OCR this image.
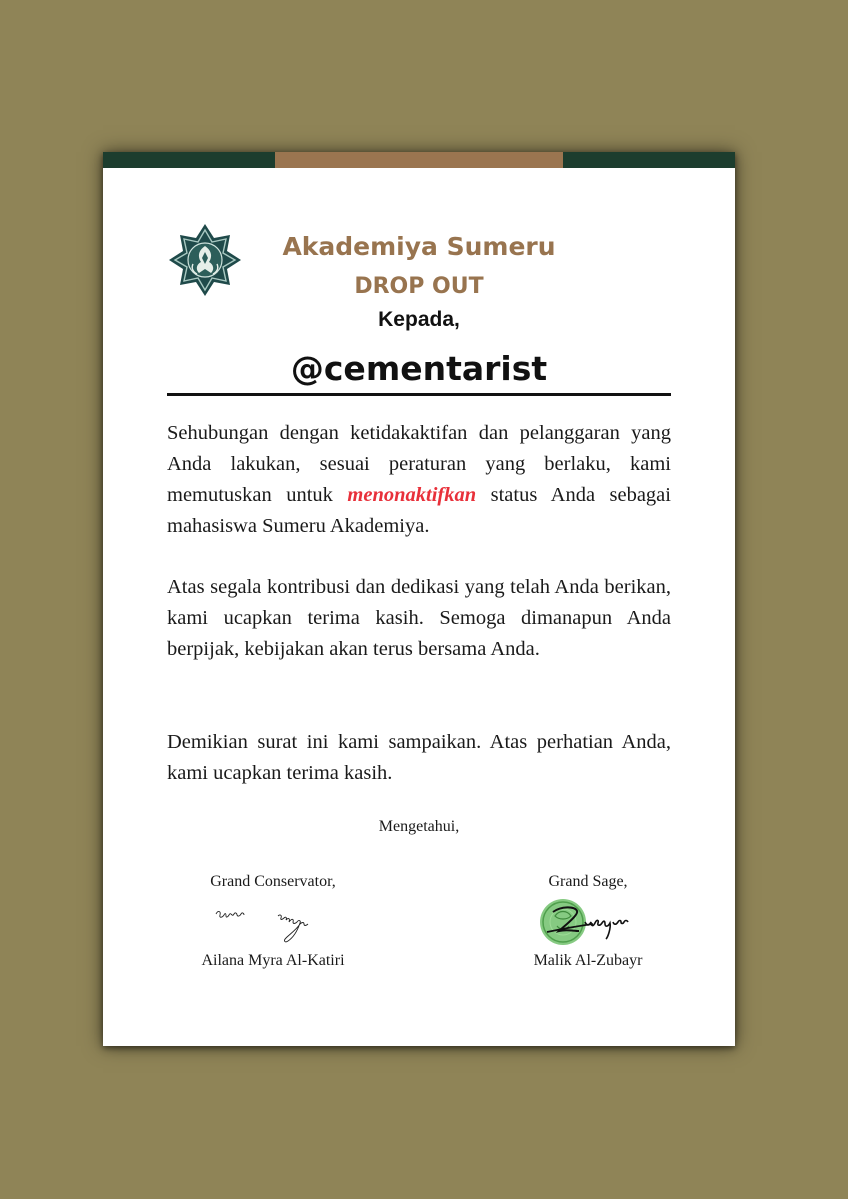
Akademiya Sumeru
DROP OUT
Kepada,
@cementarist
Sehubungan dengan ketidakaktifan dan pelanggaran yang Anda lakukan, sesuai peraturan yang berlaku, kami memutuskan untuk menonaktifkan status Anda sebagai mahasiswa Sumeru Akademiya.
Atas segala kontribusi dan dedikasi yang telah Anda berikan, kami ucapkan terima kasih. Semoga dimanapun Anda berpijak, kebijakan akan terus bersama Anda.
Demikian surat ini kami sampaikan. Atas perhatian Anda, kami ucapkan terima kasih.
Mengetahui,
Grand Conservator,
Ailana Myra Al-Katiri
Grand Sage,
Malik Al-Zubayr
